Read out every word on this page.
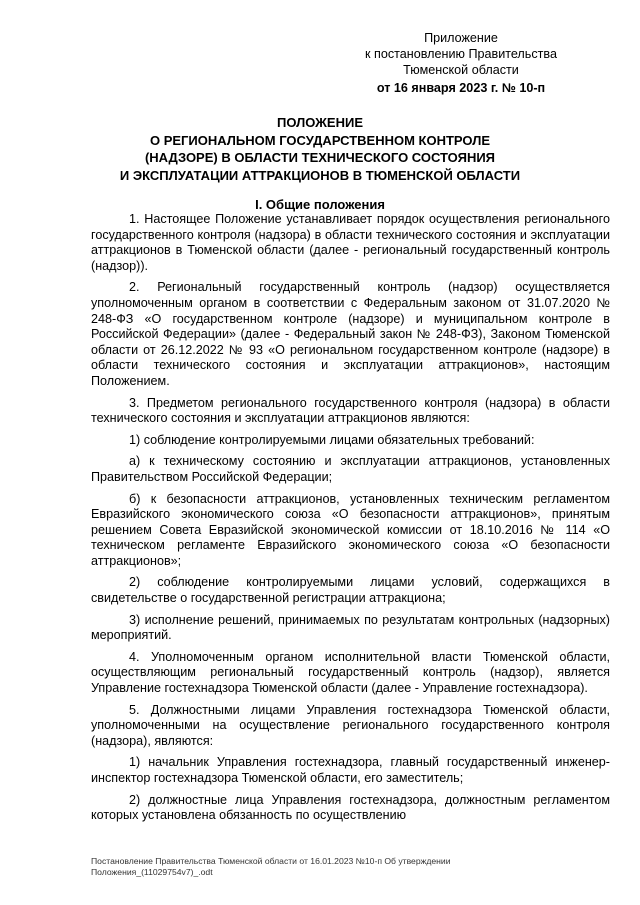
Приложение
к постановлению Правительства
Тюменской области
от 16 января 2023 г. № 10-п
ПОЛОЖЕНИЕ
О РЕГИОНАЛЬНОМ ГОСУДАРСТВЕННОМ КОНТРОЛЕ
(НАДЗОРЕ) В ОБЛАСТИ ТЕХНИЧЕСКОГО СОСТОЯНИЯ
И ЭКСПЛУАТАЦИИ АТТРАКЦИОНОВ В ТЮМЕНСКОЙ ОБЛАСТИ
I. Общие положения

1. Настоящее Положение устанавливает порядок осуществления регионального государственного контроля (надзора) в области технического состояния и эксплуатации аттракционов в Тюменской области (далее - региональный государственный контроль (надзор)).

2. Региональный государственный контроль (надзор) осуществляется уполномоченным органом в соответствии с Федеральным законом от 31.07.2020 № 248-ФЗ «О государственном контроле (надзоре) и муниципальном контроле в Российской Федерации» (далее - Федеральный закон № 248-ФЗ), Законом Тюменской области от 26.12.2022 № 93 «О региональном государственном контроле (надзоре) в области технического состояния и эксплуатации аттракционов», настоящим Положением.

3. Предметом регионального государственного контроля (надзора) в области технического состояния и эксплуатации аттракционов являются:

1) соблюдение контролируемыми лицами обязательных требований:

а) к техническому состоянию и эксплуатации аттракционов, установленных Правительством Российской Федерации;

б) к безопасности аттракционов, установленных техническим регламентом Евразийского экономического союза «О безопасности аттракционов», принятым решением Совета Евразийской экономической комиссии от 18.10.2016 № 114 «О техническом регламенте Евразийского экономического союза «О безопасности аттракционов»;

2) соблюдение контролируемыми лицами условий, содержащихся в свидетельстве о государственной регистрации аттракциона;

3) исполнение решений, принимаемых по результатам контрольных (надзорных) мероприятий.

4. Уполномоченным органом исполнительной власти Тюменской области, осуществляющим региональный государственный контроль (надзор), является Управление гостехнадзора Тюменской области (далее - Управление гостехнадзора).

5. Должностными лицами Управления гостехнадзора Тюменской области, уполномоченными на осуществление регионального государственного контроля (надзора), являются:

1) начальник Управления гостехнадзора, главный государственный инженер-инспектор гостехнадзора Тюменской области, его заместитель;

2) должностные лица Управления гостехнадзора, должностным регламентом которых установлена обязанность по осуществлению

Постановление Правительства Тюменской области от 16.01.2023 №10-п Об утверждении
Положения_(11029754v7)_.odt
